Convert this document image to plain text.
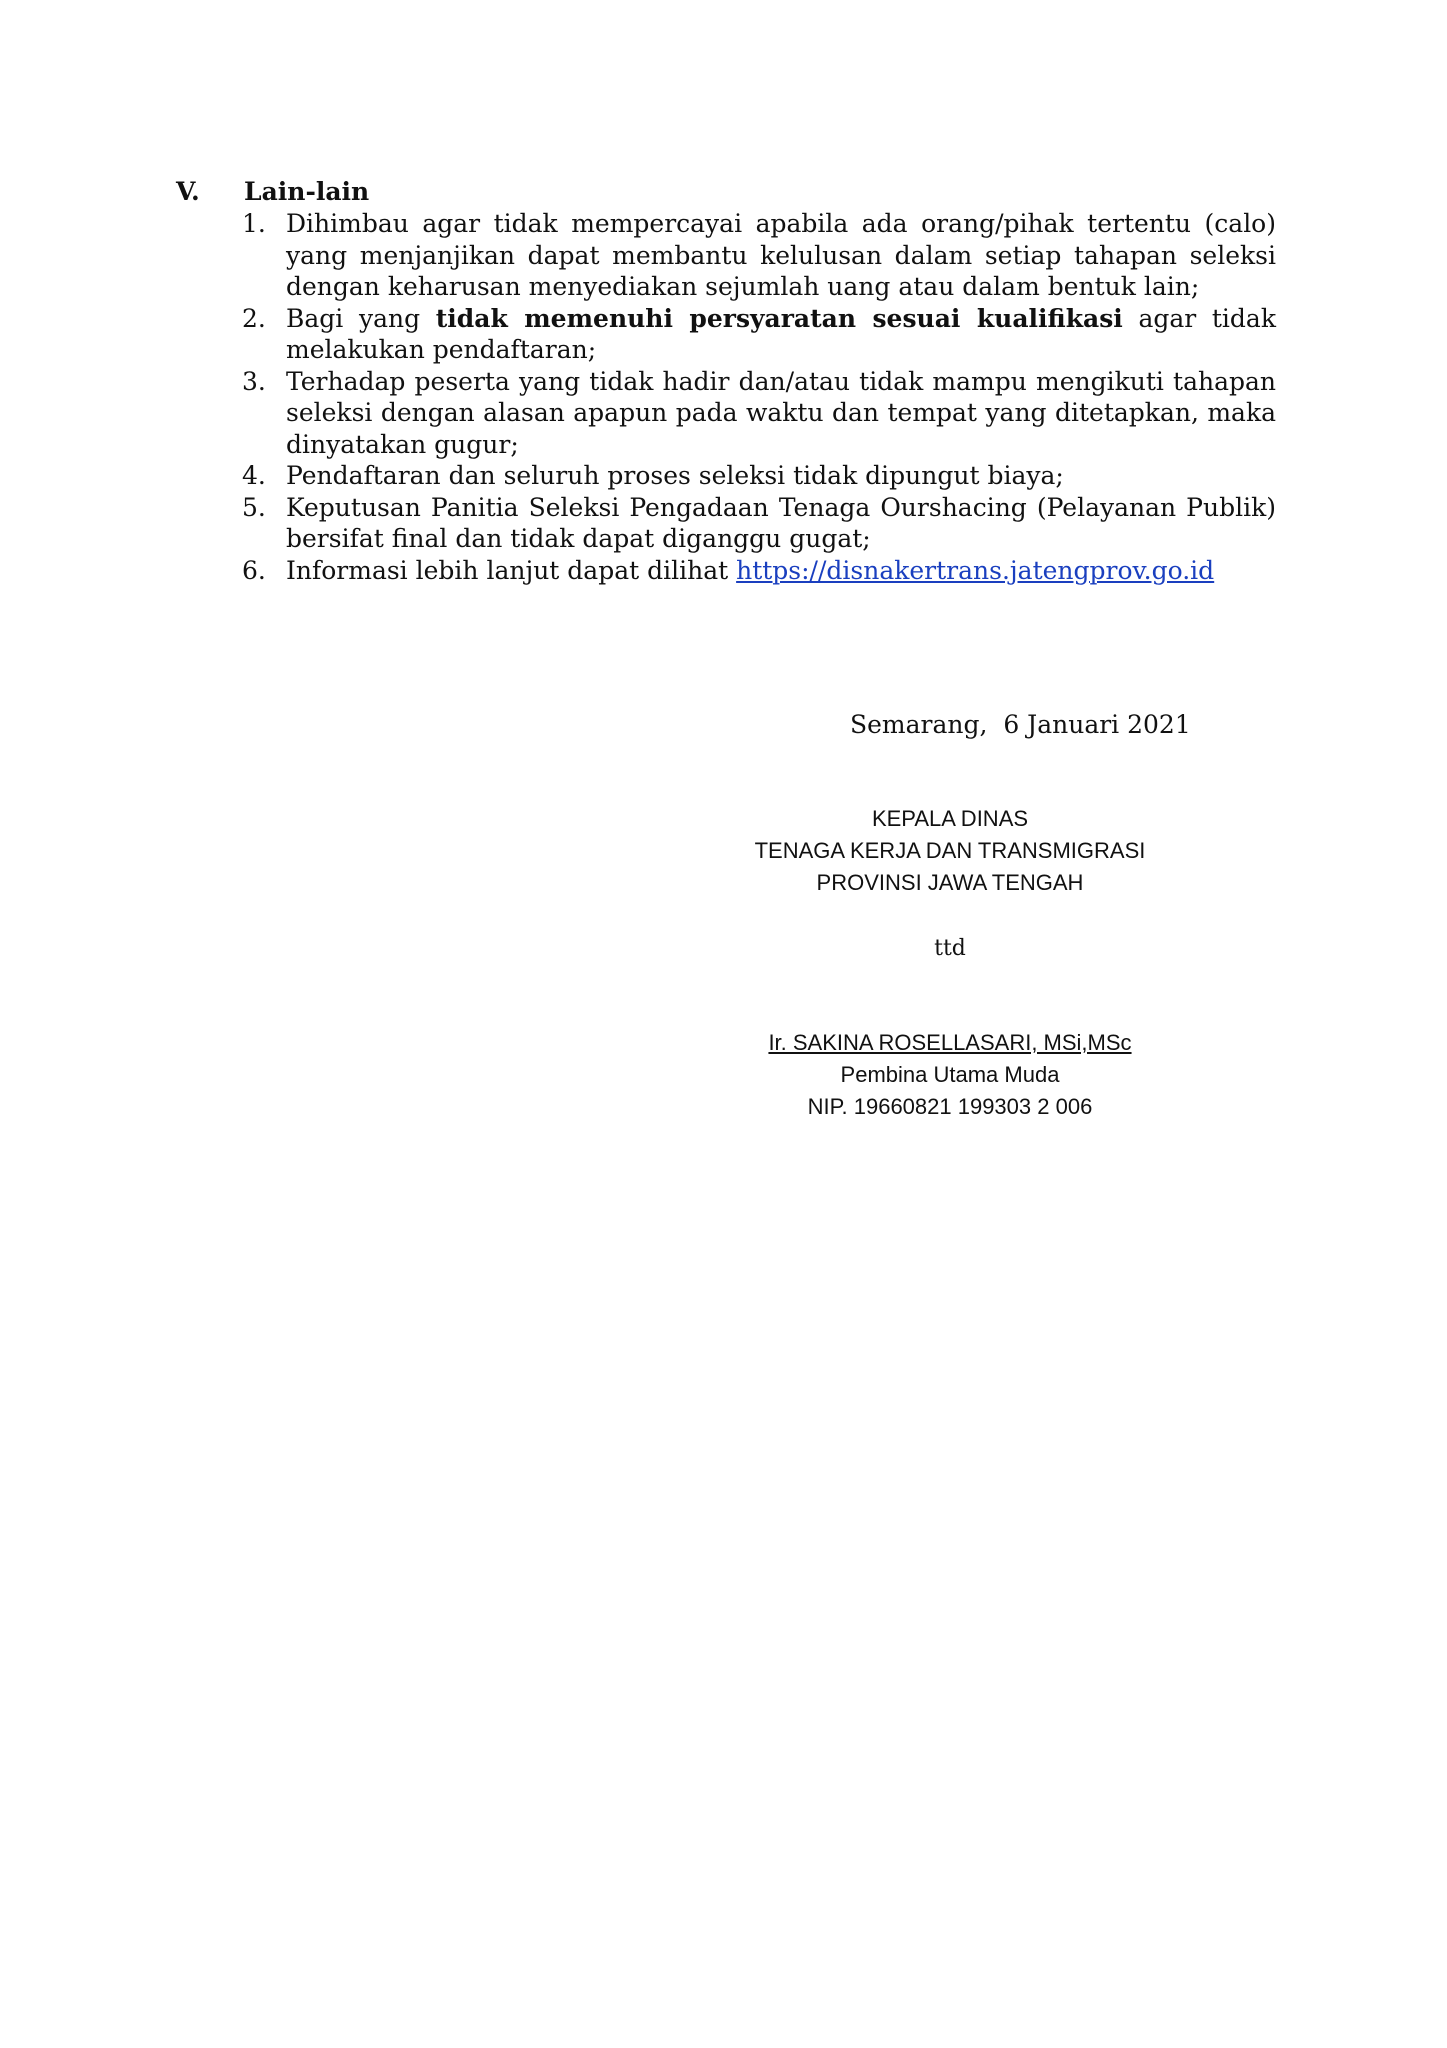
V.	Lain-lain
1. Dihimbau agar tidak mempercayai apabila ada orang/pihak tertentu (calo) yang menjanjikan dapat membantu kelulusan dalam setiap tahapan seleksi dengan keharusan menyediakan sejumlah uang atau dalam bentuk lain;
2. Bagi yang tidak memenuhi persyaratan sesuai kualifikasi agar tidak melakukan pendaftaran;
3. Terhadap peserta yang tidak hadir dan/atau tidak mampu mengikuti tahapan seleksi dengan alasan apapun pada waktu dan tempat yang ditetapkan, maka dinyatakan gugur;
4. Pendaftaran dan seluruh proses seleksi tidak dipungut biaya;
5. Keputusan Panitia Seleksi Pengadaan Tenaga Ourshacing (Pelayanan Publik) bersifat final dan tidak dapat diganggu gugat;
6. Informasi lebih lanjut dapat dilihat https://disnakertrans.jatengprov.go.id
Semarang,  6 Januari 2021
KEPALA DINAS
TENAGA KERJA DAN TRANSMIGRASI
PROVINSI JAWA TENGAH
ttd
Ir. SAKINA ROSELLASARI, MSi,MSc
Pembina Utama Muda
NIP. 19660821 199303 2 006
